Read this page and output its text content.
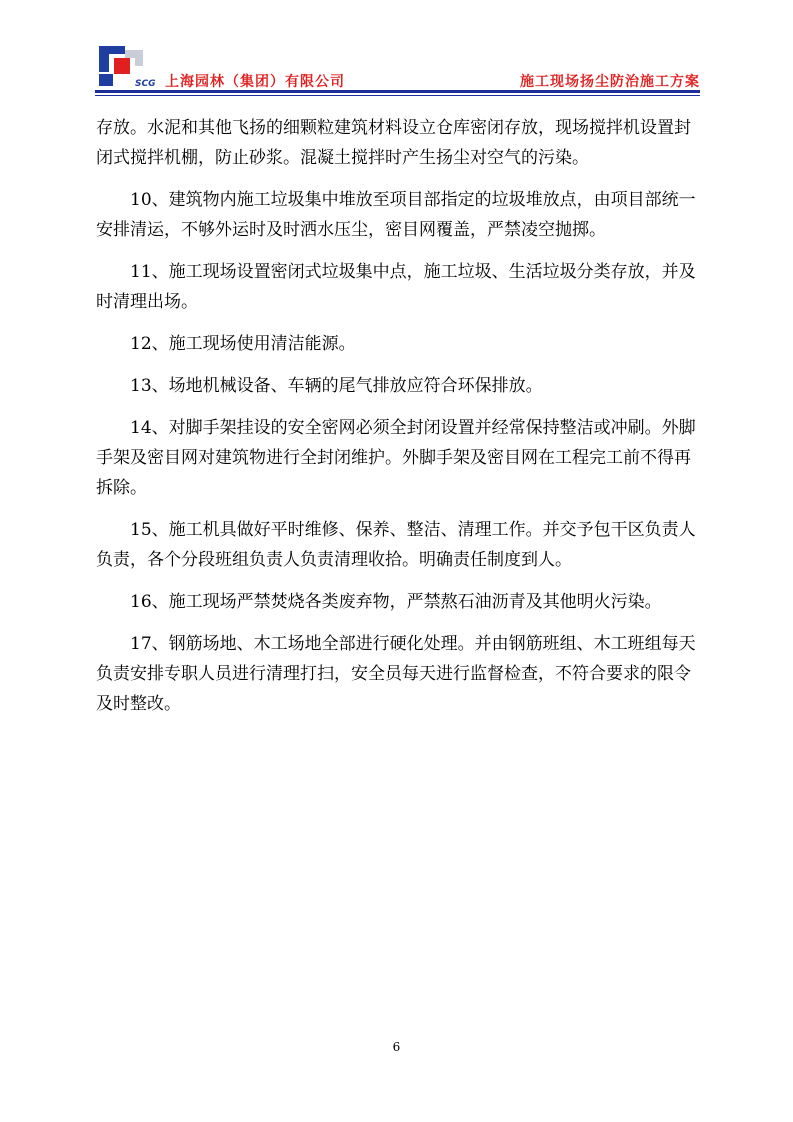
SCG 上海园林（集团）有限公司	施工现场扬尘防治施工方案

存放。水泥和其他飞扬的细颗粒建筑材料设立仓库密闭存放，现场搅拌机设置封闭式搅拌机棚，防止砂浆。混凝土搅拌时产生扬尘对空气的污染。

10、建筑物内施工垃圾集中堆放至项目部指定的垃圾堆放点，由项目部统一安排清运，不够外运时及时洒水压尘，密目网覆盖，严禁凌空抛掷。

11、施工现场设置密闭式垃圾集中点，施工垃圾、生活垃圾分类存放，并及时清理出场。

12、施工现场使用清洁能源。

13、场地机械设备、车辆的尾气排放应符合环保排放。

14、对脚手架挂设的安全密网必须全封闭设置并经常保持整洁或冲刷。外脚手架及密目网对建筑物进行全封闭维护。外脚手架及密目网在工程完工前不得再拆除。

15、施工机具做好平时维修、保养、整洁、清理工作。并交予包干区负责人负责，各个分段班组负责人负责清理收拾。明确责任制度到人。

16、施工现场严禁焚烧各类废弃物，严禁熬石油沥青及其他明火污染。

17、钢筋场地、木工场地全部进行硬化处理。并由钢筋班组、木工班组每天负责安排专职人员进行清理打扫，安全员每天进行监督检查，不符合要求的限令及时整改。

6
